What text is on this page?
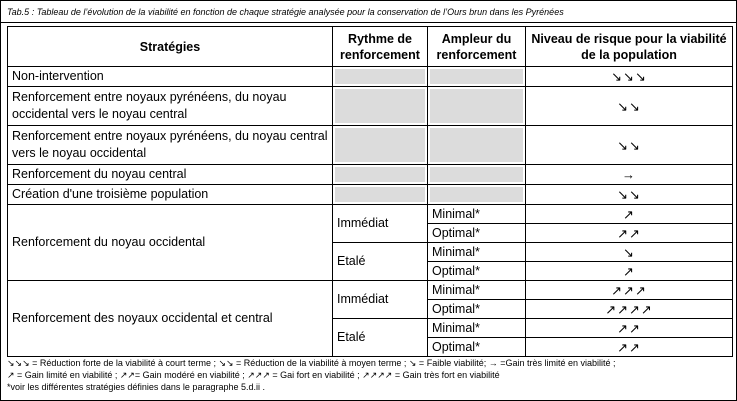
Tab.5 : Tableau de l’évolution de la viabilité en fonction de chaque stratégie analysée pour la conservation de l’Ours brun dans les Pyrénées
Stratégies	Rythme de renforcement	Ampleur du renforcement	Niveau de risque pour la viabilité de la population
Non-intervention			↘↘↘
Renforcement entre noyaux pyrénéens, du noyau occidental vers le noyau central			↘↘
Renforcement entre noyaux pyrénéens, du noyau central vers le noyau occidental			↘↘
Renforcement du noyau central			→
Création d'une troisième population			↘↘
Renforcement du noyau occidental	Immédiat	Minimal*	↗
		Optimal*	↗↗
	Etalé	Minimal*	↘
		Optimal*	↗
Renforcement des noyaux occidental et central	Immédiat	Minimal*	↗↗↗
		Optimal*	↗↗↗↗
	Etalé	Minimal*	↗↗
		Optimal*	↗↗
↘↘↘ = Réduction forte de la viabilité à court terme ; ↘↘ = Réduction de la viabilité à moyen terme ; ↘ = Faible viabilité; → =Gain très limité en viabilité ;
↗ = Gain limité en viabilité ; ↗↗= Gain modéré en viabilité ; ↗↗↗ = Gai fort en viabilité ; ↗↗↗↗ = Gain très fort en viabilité
*voir les différentes stratégies définies dans le paragraphe 5.d.ii .
